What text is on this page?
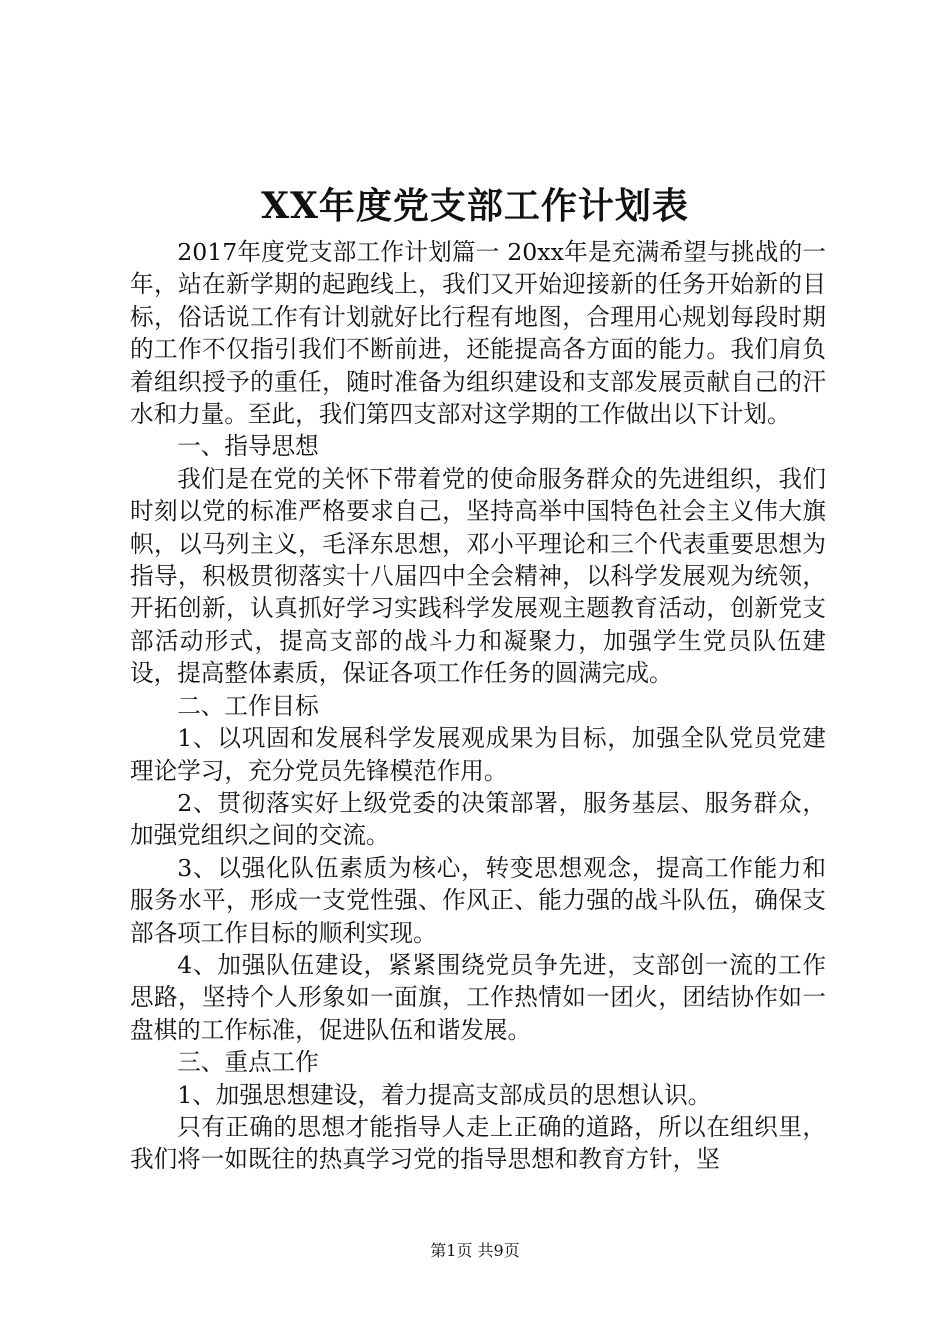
XX年度党支部工作计划表

2017年度党支部工作计划篇一 20xx年是充满希望与挑战的一年，站在新学期的起跑线上，我们又开始迎接新的任务开始新的目标，俗话说工作有计划就好比行程有地图，合理用心规划每段时期的工作不仅指引我们不断前进，还能提高各方面的能力。我们肩负着组织授予的重任，随时准备为组织建设和支部发展贡献自己的汗水和力量。至此，我们第四支部对这学期的工作做出以下计划。

一、指导思想

我们是在党的关怀下带着党的使命服务群众的先进组织，我们时刻以党的标准严格要求自己，坚持高举中国特色社会主义伟大旗帜，以马列主义，毛泽东思想，邓小平理论和三个代表重要思想为指导，积极贯彻落实十八届四中全会精神，以科学发展观为统领，开拓创新，认真抓好学习实践科学发展观主题教育活动，创新党支部活动形式，提高支部的战斗力和凝聚力，加强学生党员队伍建设，提高整体素质，保证各项工作任务的圆满完成。

二、工作目标

1、以巩固和发展科学发展观成果为目标，加强全队党员党建理论学习，充分党员先锋模范作用。

2、贯彻落实好上级党委的决策部署，服务基层、服务群众，加强党组织之间的交流。

3、以强化队伍素质为核心，转变思想观念，提高工作能力和服务水平，形成一支党性强、作风正、能力强的战斗队伍，确保支部各项工作目标的顺利实现。

4、加强队伍建设，紧紧围绕党员争先进，支部创一流的工作思路，坚持个人形象如一面旗，工作热情如一团火，团结协作如一盘棋的工作标准，促进队伍和谐发展。

三、重点工作

1、加强思想建设，着力提高支部成员的思想认识。

只有正确的思想才能指导人走上正确的道路，所以在组织里，我们将一如既往的热真学习党的指导思想和教育方针，坚

第1页 共9页
